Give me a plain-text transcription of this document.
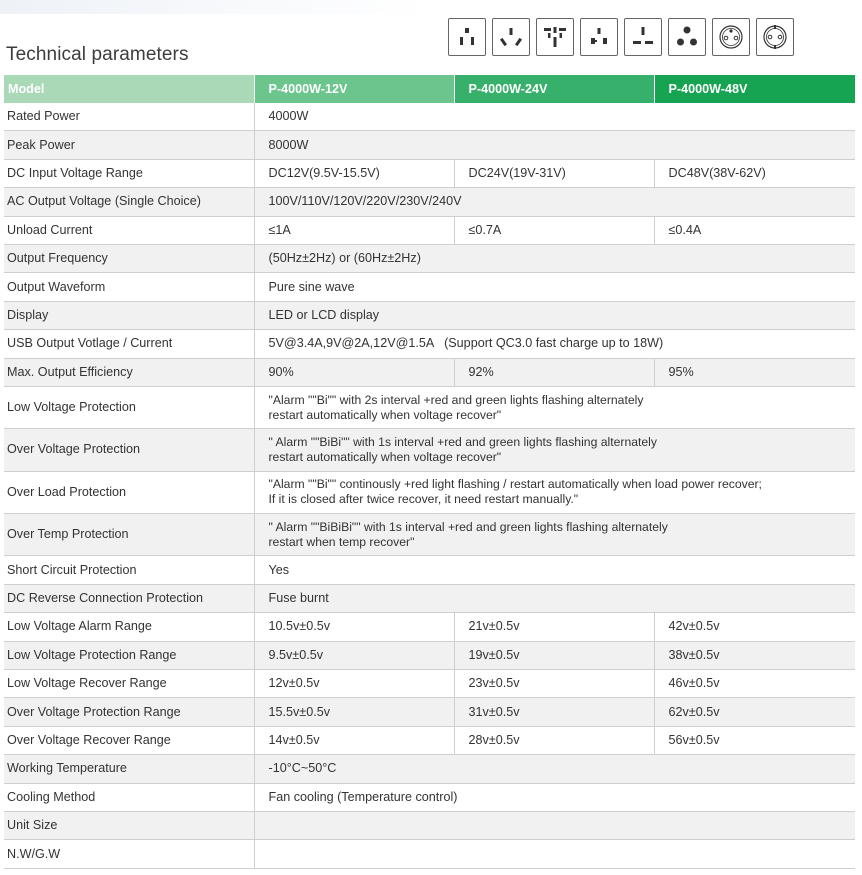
Technical parameters
Model	P-4000W-12V	P-4000W-24V	P-4000W-48V
Rated Power	4000W		
Peak Power	8000W		
DC Input Voltage Range	DC12V(9.5V-15.5V)	DC24V(19V-31V)	DC48V(38V-62V)
AC Output Voltage (Single Choice)	100V/110V/120V/220V/230V/240V		
Unload Current	≤1A	≤0.7A	≤0.4A
Output Frequency	(50Hz±2Hz) or (60Hz±2Hz)		
Output Waveform	Pure sine wave		
Display	LED or LCD display		
USB Output Votlage / Current	5V@3.4A,9V@2A,12V@1.5A   (Support QC3.0 fast charge up to 18W)		
Max. Output Efficiency	90%	92%	95%
Low Voltage Protection	"Alarm ""Bi"" with 2s interval +red and green lights flashing alternately
restart automatically when voltage recover"		

Over Voltage Protection	" Alarm ""BiBi"" with 1s interval +red and green lights flashing alternately
restart automatically when voltage recover"		

Over Load Protection	"Alarm ""Bi"" continously +red light flashing / restart automatically when load power recover;
If it is closed after twice recover, it need restart manually."		

Over Temp Protection	" Alarm ""BiBiBi"" with 1s interval +red and green lights flashing alternately
restart when temp recover"		

Short Circuit Protection	Yes		
DC Reverse Connection Protection	Fuse burnt		
Low Voltage Alarm Range	10.5v±0.5v	21v±0.5v	42v±0.5v
Low Voltage Protection Range	9.5v±0.5v	19v±0.5v	38v±0.5v
Low Voltage Recover Range	12v±0.5v	23v±0.5v	46v±0.5v
Over Voltage Protection Range	15.5v±0.5v	31v±0.5v	62v±0.5v
Over Voltage Recover Range	14v±0.5v	28v±0.5v	56v±0.5v
Working Temperature	-10°C~50°C		
Cooling Method	Fan cooling (Temperature control)		
Unit Size			
N.W/G.W			
